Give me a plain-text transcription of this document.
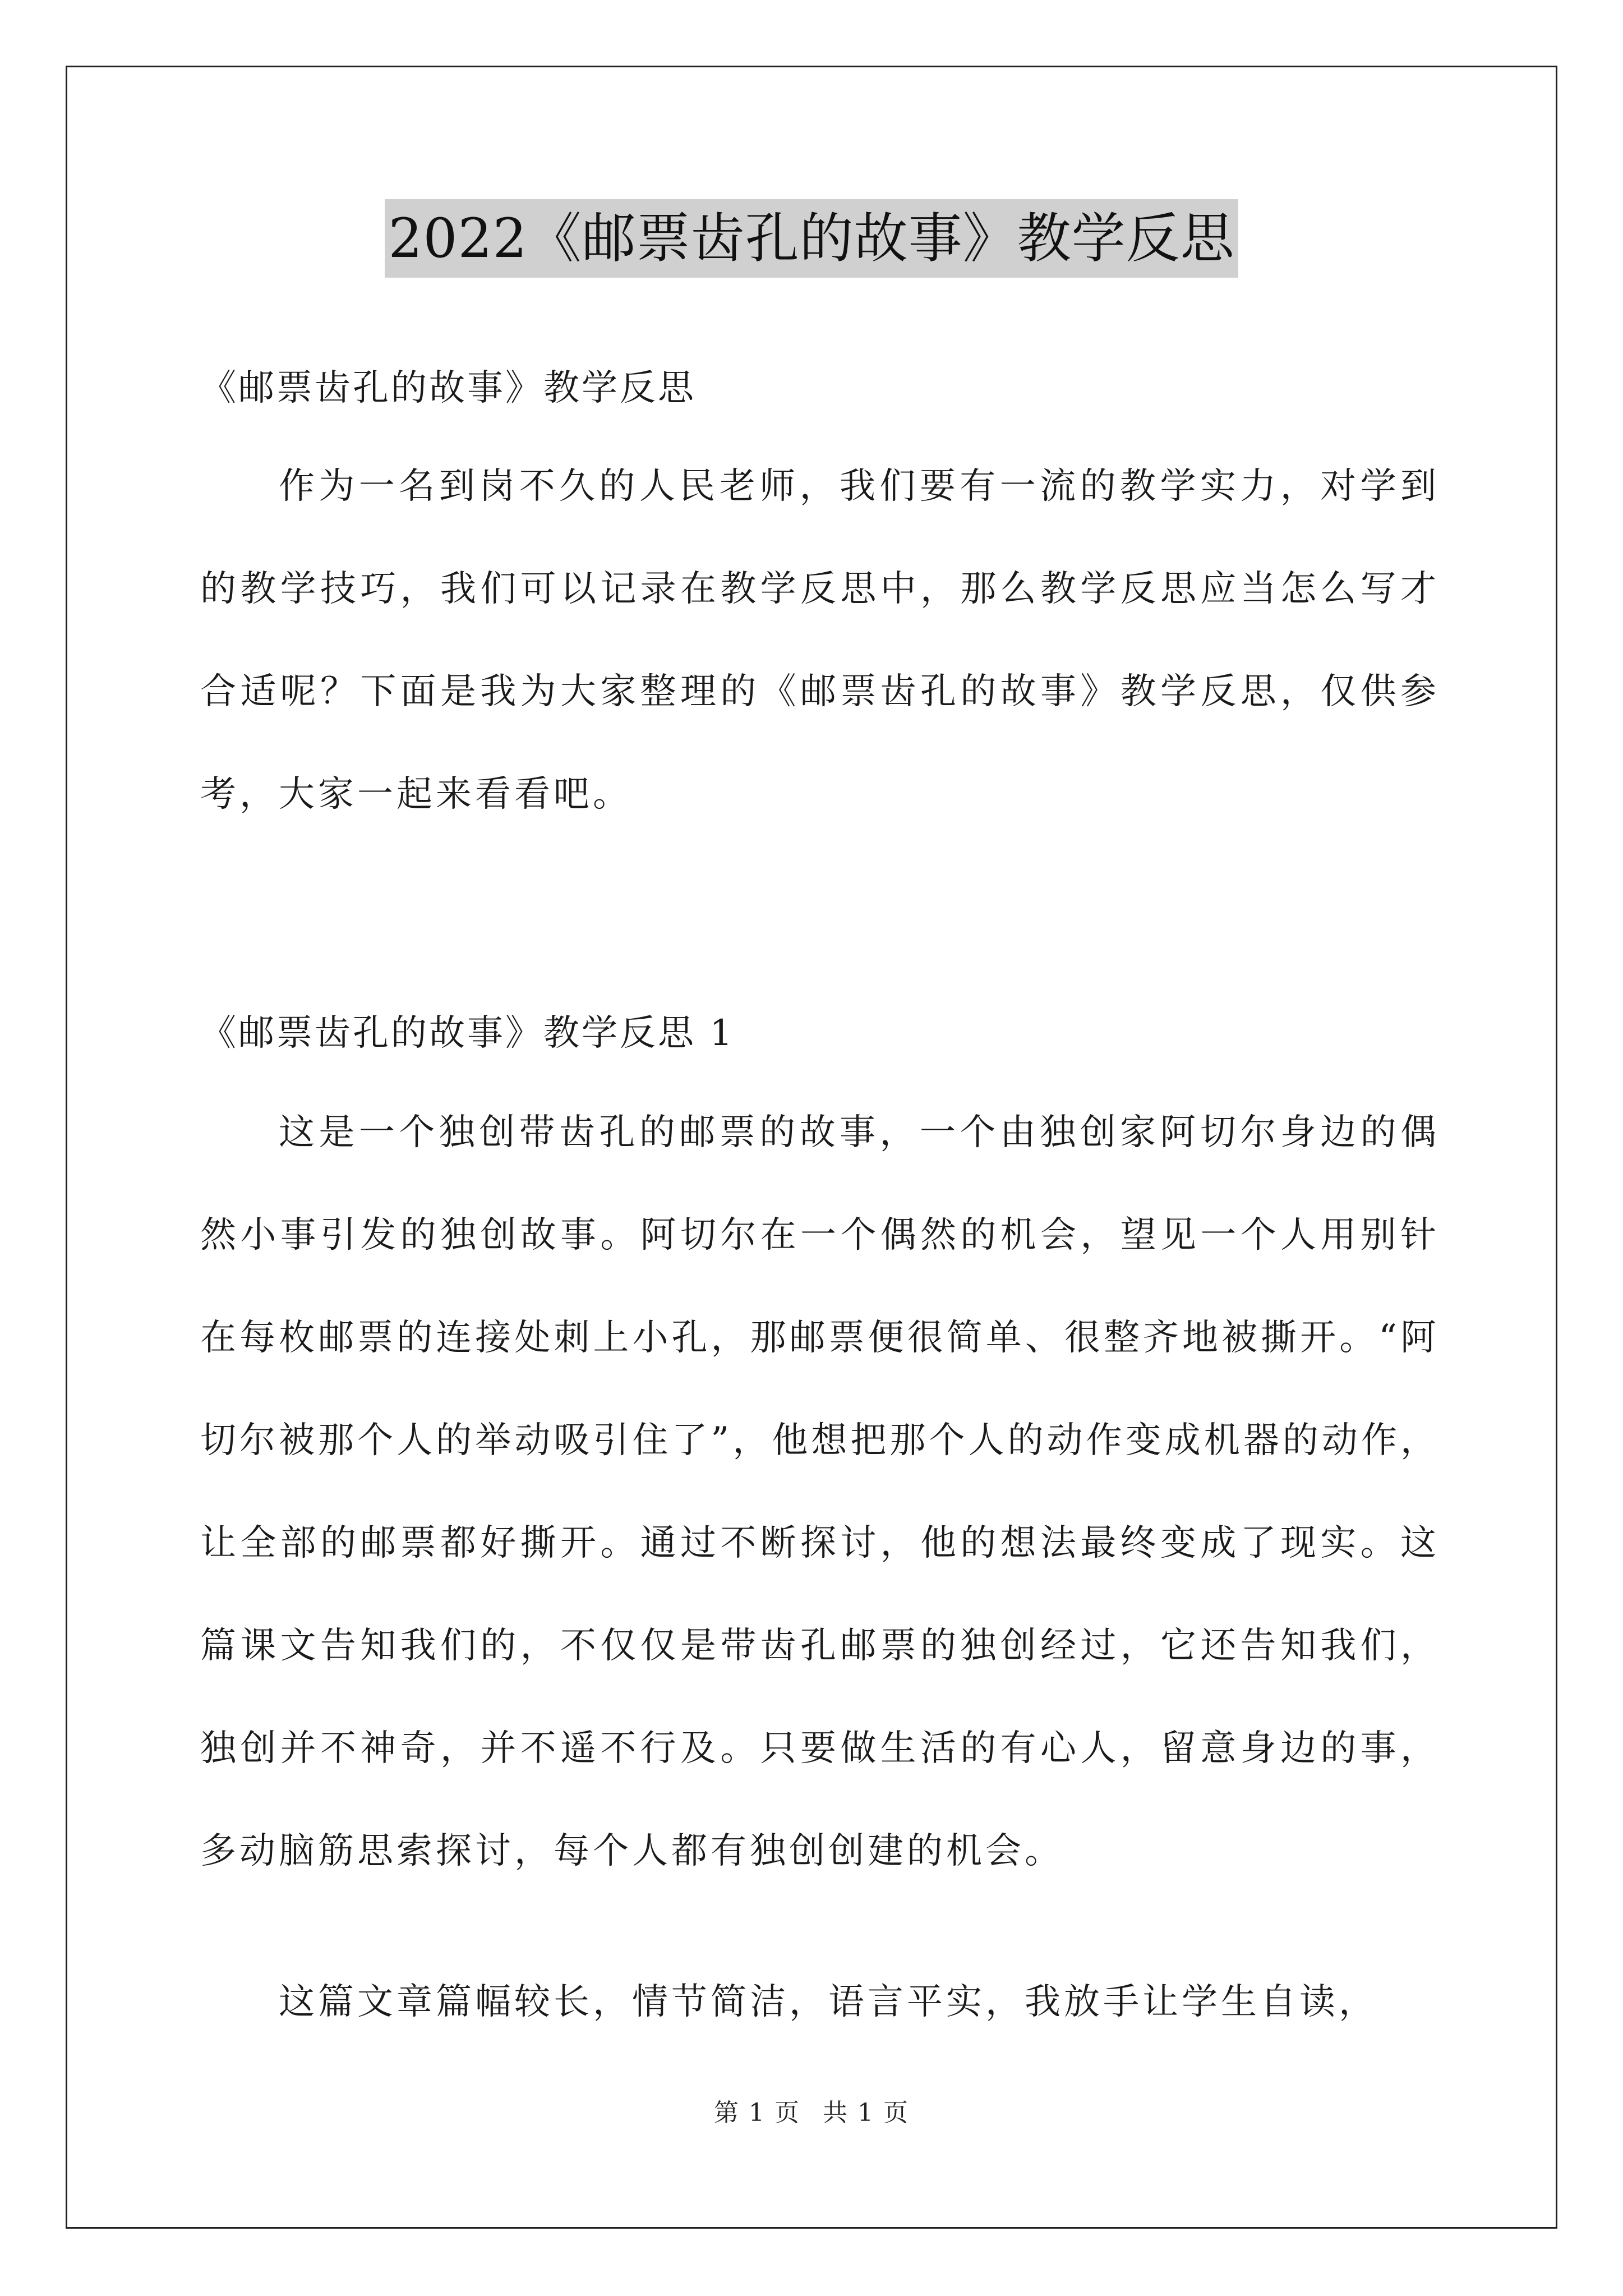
2022《邮票齿孔的故事》教学反思
《邮票齿孔的故事》教学反思

作为一名到岗不久的人民老师，我们要有一流的教学实力，对学到的教学技巧，我们可以记录在教学反思中，那么教学反思应当怎么写才合适呢？下面是我为大家整理的《邮票齿孔的故事》教学反思，仅供参考，大家一起来看看吧。

《邮票齿孔的故事》教学反思 1

这是一个独创带齿孔的邮票的故事，一个由独创家阿切尔身边的偶然小事引发的独创故事。阿切尔在一个偶然的机会，望见一个人用别针在每枚邮票的连接处刺上小孔，那邮票便很简单、很整齐地被撕开。“阿切尔被那个人的举动吸引住了”，他想把那个人的动作变成机器的动作，让全部的邮票都好撕开。通过不断探讨，他的想法最终变成了现实。这篇课文告知我们的，不仅仅是带齿孔邮票的独创经过，它还告知我们，独创并不神奇，并不遥不行及。只要做生活的有心人，留意身边的事，多动脑筋思索探讨，每个人都有独创创建的机会。

这篇文章篇幅较长，情节简洁，语言平实，我放手让学生自读，

第 1 页 共 1 页
